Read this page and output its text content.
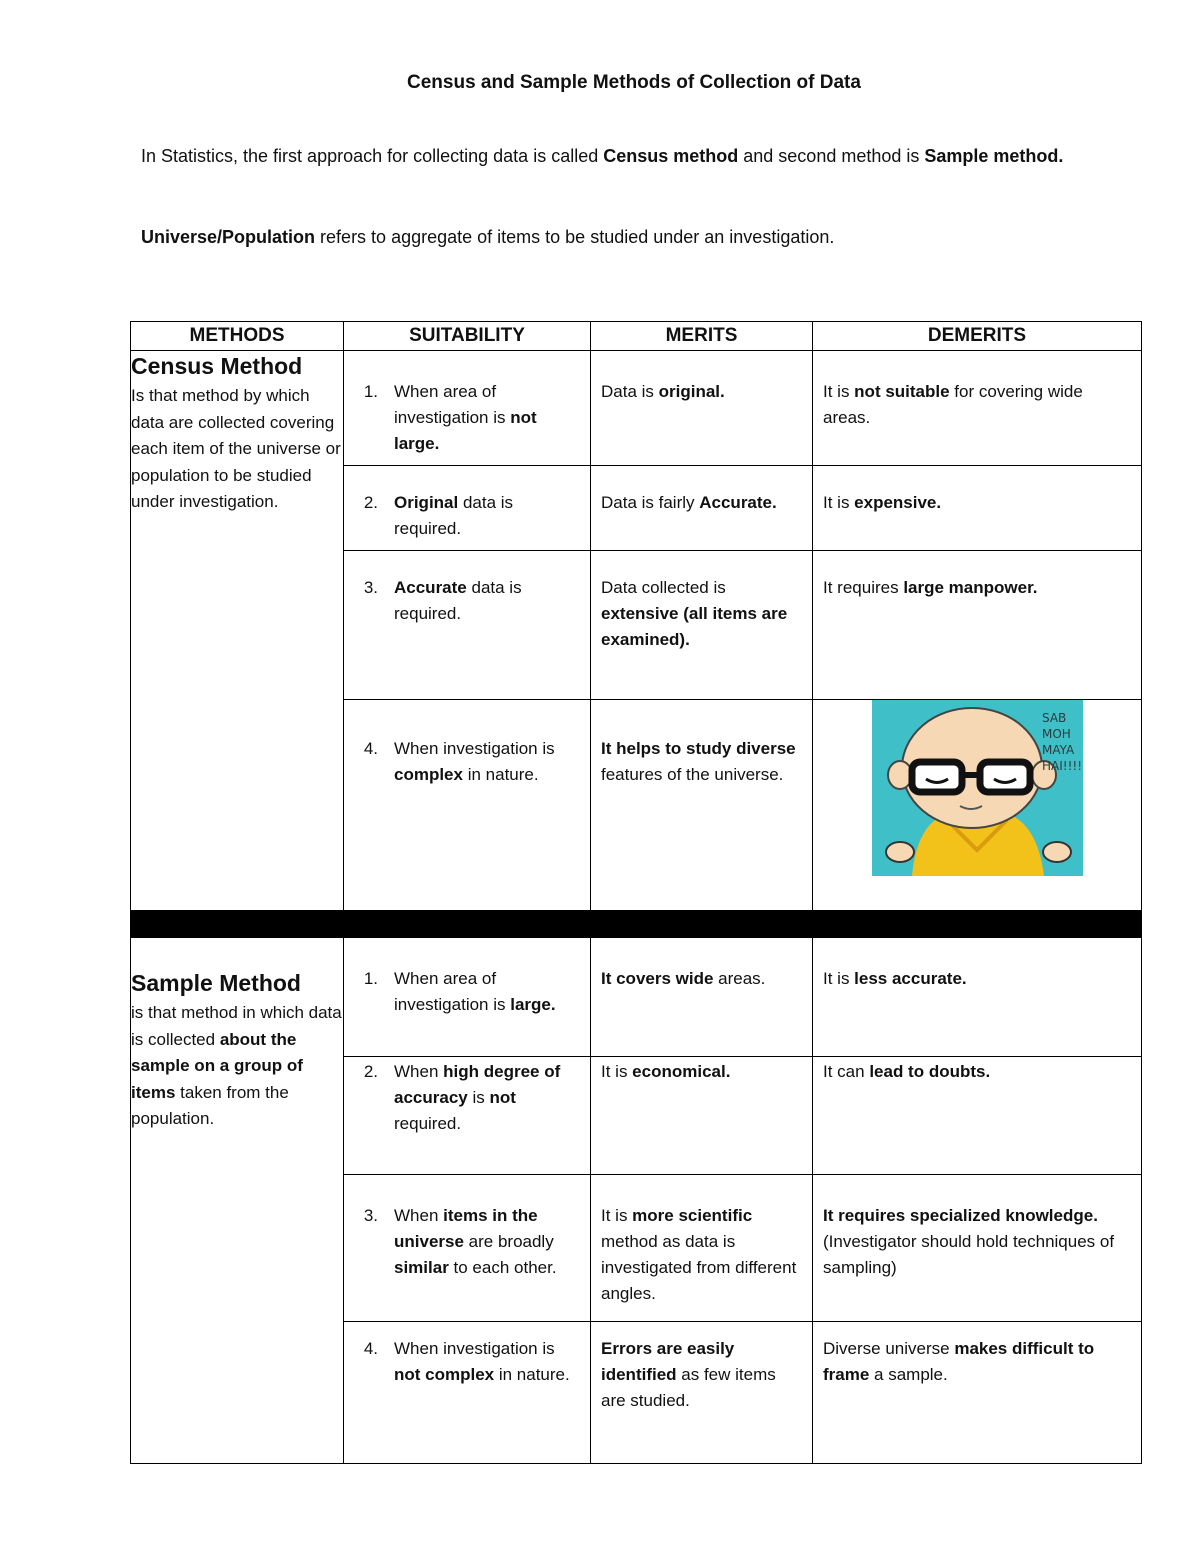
Census and Sample Methods of Collection of Data

In Statistics, the first approach for collecting data is called Census method and second method is Sample method.

Universe/Population refers to aggregate of items to be studied under an investigation.

METHODS	SUITABILITY	MERITS	DEMERITS

Census Method
Is that method by which data are collected covering each item of the universe or population to be studied under investigation.	1. When area of investigation is not large.	Data is original.	It is not suitable for covering wide areas.

	2. Original data is required.	Data is fairly Accurate.	It is expensive.

	3. Accurate data is required.	Data collected is extensive (all items are examined).	It requires large manpower.

	4. When investigation is complex in nature.	It helps to study diverse features of the universe.	SAB
MOH
MAYA
HAI!!!!

Sample Method
is that method in which data is collected about the sample on a group of items taken from the population.	1. When area of investigation is large.	It covers wide areas.	It is less accurate.

	2. When high degree of accuracy is not required.	It is economical.	It can lead to doubts.

	3. When items in the universe are broadly similar to each other.	It is more scientific method as data is investigated from different angles.	It requires specialized knowledge. (Investigator should hold techniques of sampling)

	4. When investigation is not complex in nature.	Errors are easily identified as few items are studied.	Diverse universe makes difficult to frame a sample.
